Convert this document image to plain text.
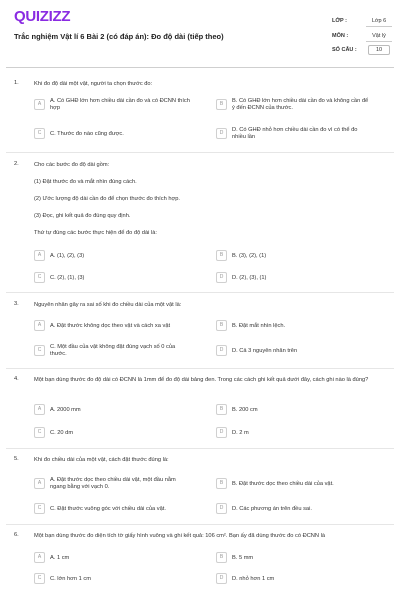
QUIZIZZ
Trắc nghiệm Vật lí 6 Bài 2 (có đáp án): Đo độ dài (tiếp theo)
LỚP :	Lớp 6
MÔN :	Vật lý
SỐ CÂU :	10
1.	Khi đo độ dài một vật, người ta chọn thước đo:
A	A. Có GHĐ lớn hơn chiều dài cần đo và có ĐCNN thích hợp
B	B. Có GHĐ lớn hơn chiều dài cần đo và không cần để ý đến ĐCNN của thước.
C	C. Thước đo nào cũng được.	D	D. Có GHĐ nhỏ hơn chiều dài cần đo vì có thể đo nhiều lần
2.	Cho các bước đo độ dài gồm:
(1) Đặt thước đo và mắt nhìn đúng cách.
(2) Ước lượng độ dài cần đo để chọn thước đo thích hợp.
(3) Đọc, ghi kết quả đo đúng quy định.
Thứ tự đúng các bước thực hiện để đo độ dài là:
A	A. (1), (2), (3)	B	B. (3), (2), (1)
C	C. (2), (1), (3)	D	D. (2), (3), (1)
3.	Nguyên nhân gây ra sai số khi đo chiều dài của một vật là:
A	A. Đặt thước không dọc theo vật và cách xa vật	B	B. Đặt mắt nhìn lệch.
C	C. Một đầu của vật không đặt đúng vạch số 0 của thước.
D	D. Cả 3 nguyên nhân trên
4.	Một bạn dùng thước đo độ dài có ĐCNN là 1mm để đo độ dài bảng đen. Trong các cách ghi kết quả dưới đây, cách ghi nào là đúng?
A	A. 2000 mm	B	B. 200 cm
C	C. 20 dm	D	D. 2 m
5.	Khi đo chiều dài của một vật, cách đặt thước đúng là:
A	A. Đặt thước dọc theo chiều dài vật, một đầu nằm ngang bằng với vạch 0.
B	B. Đặt thước dọc theo chiều dài của vật.
C	C. Đặt thước vuông góc với chiều dài của vật.	D	D. Các phương án trên đều sai.
6.	Một bạn dùng thước đo diện tích tờ giấy hình vuông và ghi kết quả: 106 cm². Bạn ấy đã dùng thước đo có ĐCNN là
A	A. 1 cm	B	B. 5 mm
C	C. lớn hơn 1 cm	D	D. nhỏ hơn 1 cm
